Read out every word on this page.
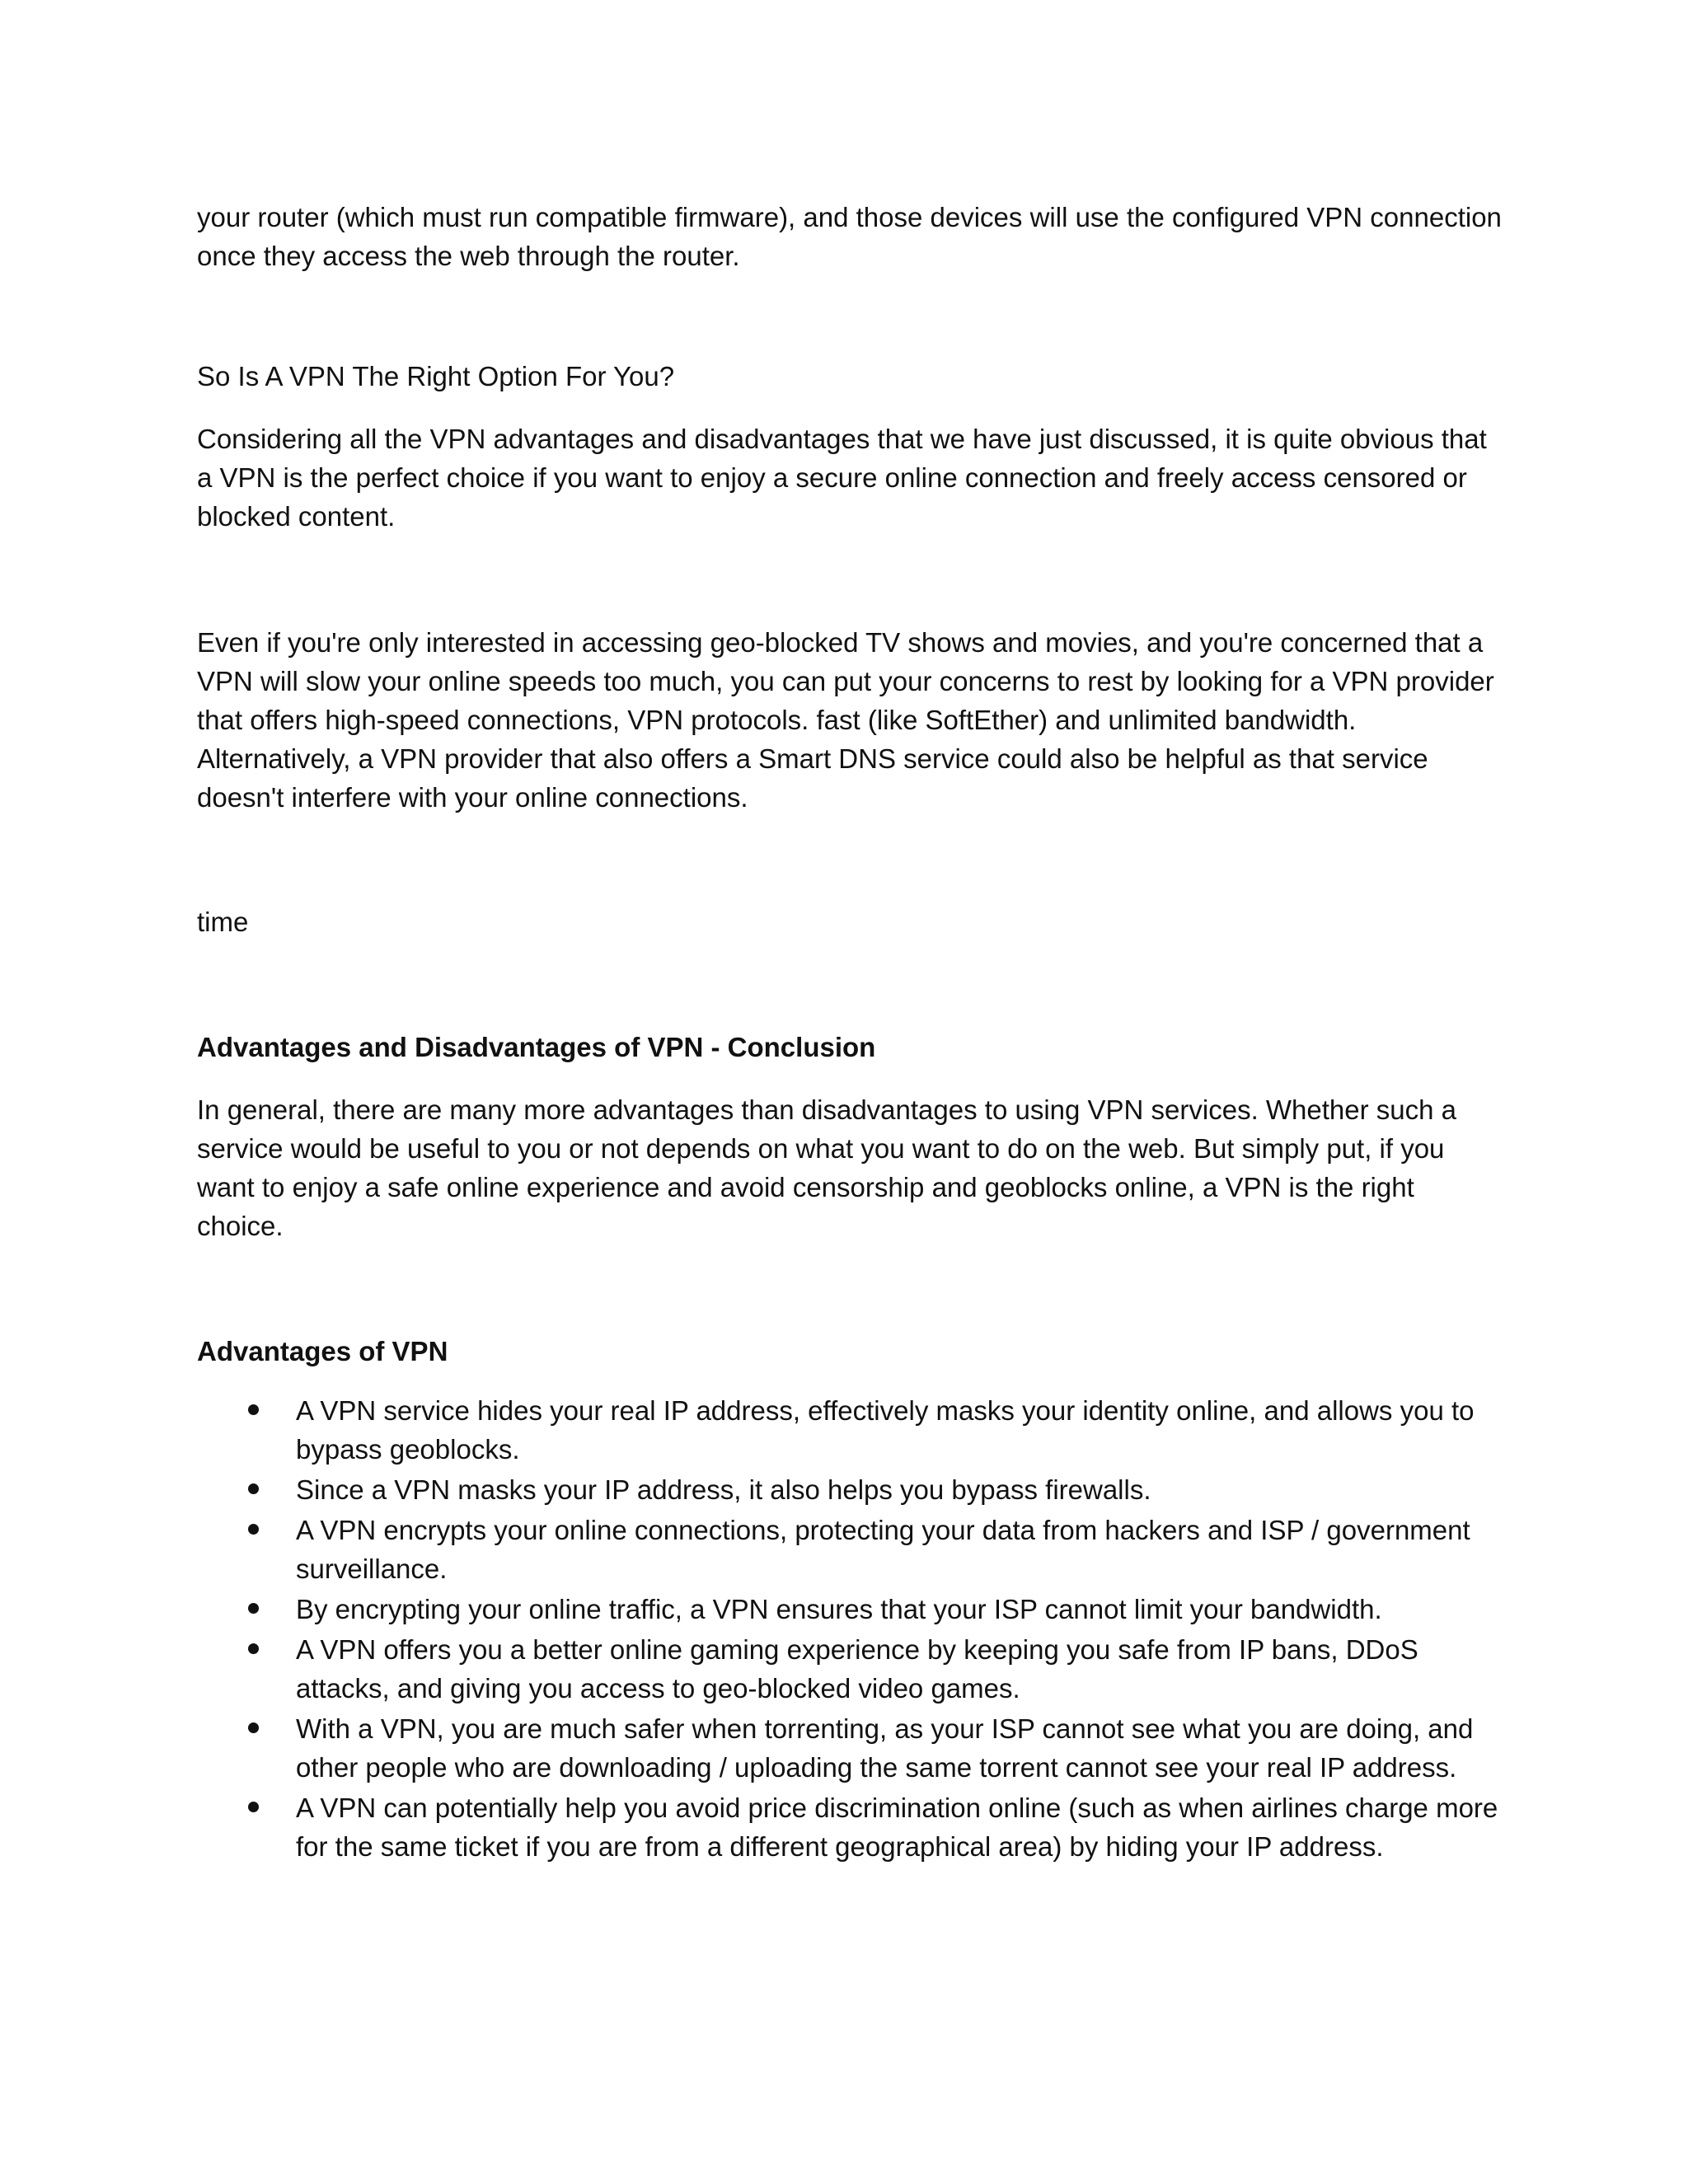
your router (which must run compatible firmware), and those devices will use the configured VPN connection once they access the web through the router.

So Is A VPN The Right Option For You?

Considering all the VPN advantages and disadvantages that we have just discussed, it is quite obvious that a VPN is the perfect choice if you want to enjoy a secure online connection and freely access censored or blocked content.

Even if you're only interested in accessing geo-blocked TV shows and movies, and you're concerned that a VPN will slow your online speeds too much, you can put your concerns to rest by looking for a VPN provider that offers high-speed connections, VPN protocols. fast (like SoftEther) and unlimited bandwidth. Alternatively, a VPN provider that also offers a Smart DNS service could also be helpful as that service doesn't interfere with your online connections.

time

Advantages and Disadvantages of VPN - Conclusion

In general, there are many more advantages than disadvantages to using VPN services. Whether such a service would be useful to you or not depends on what you want to do on the web. But simply put, if you want to enjoy a safe online experience and avoid censorship and geoblocks online, a VPN is the right choice.

Advantages of VPN

A VPN service hides your real IP address, effectively masks your identity online, and allows you to bypass geoblocks.
Since a VPN masks your IP address, it also helps you bypass firewalls.
A VPN encrypts your online connections, protecting your data from hackers and ISP / government surveillance.
By encrypting your online traffic, a VPN ensures that your ISP cannot limit your bandwidth.
A VPN offers you a better online gaming experience by keeping you safe from IP bans, DDoS attacks, and giving you access to geo-blocked video games.
With a VPN, you are much safer when torrenting, as your ISP cannot see what you are doing, and other people who are downloading / uploading the same torrent cannot see your real IP address.
A VPN can potentially help you avoid price discrimination online (such as when airlines charge more for the same ticket if you are from a different geographical area) by hiding your IP address.
